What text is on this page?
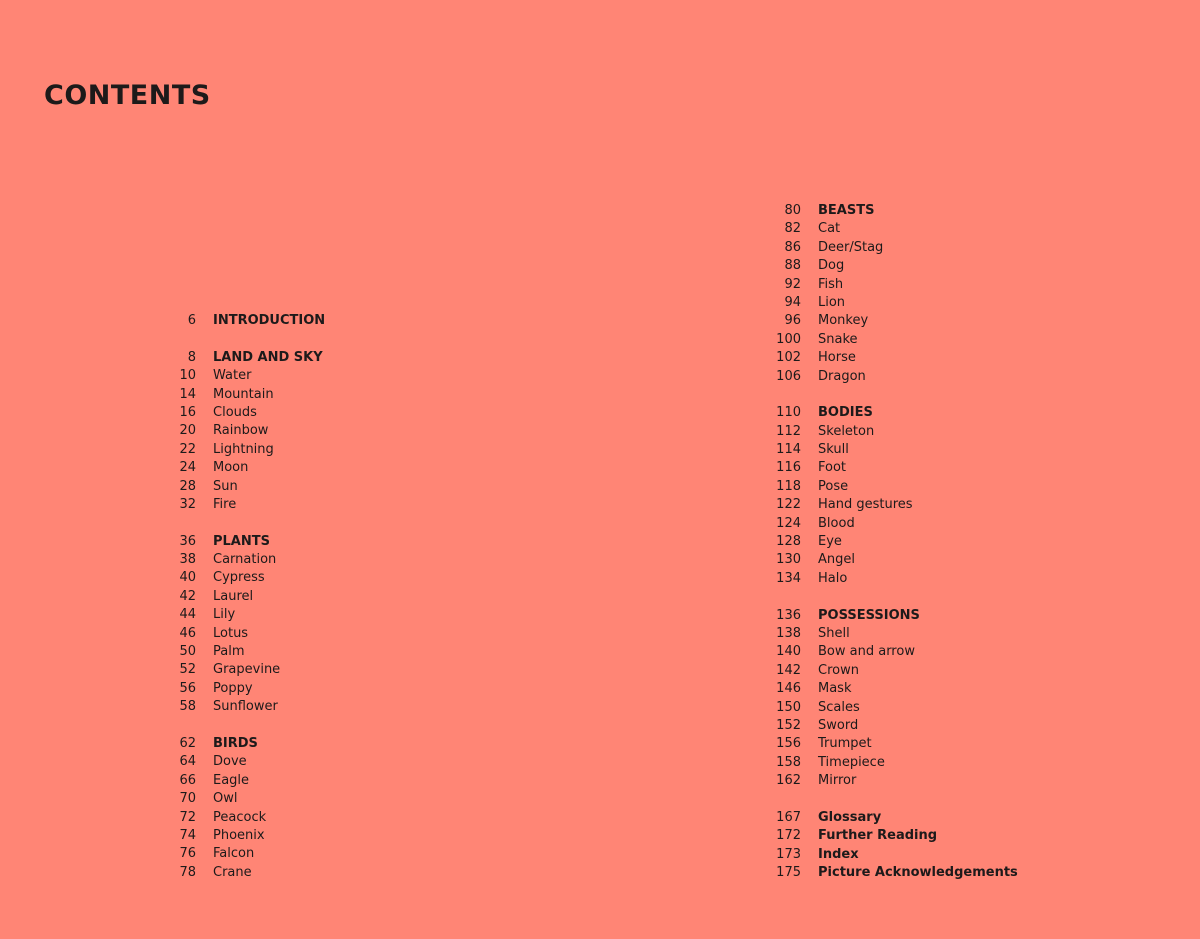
CONTENTS
6 INTRODUCTION
8 LAND AND SKY
10 Water
14 Mountain
16 Clouds
20 Rainbow
22 Lightning
24 Moon
28 Sun
32 Fire
36 PLANTS
38 Carnation
40 Cypress
42 Laurel
44 Lily
46 Lotus
50 Palm
52 Grapevine
56 Poppy
58 Sunflower
62 BIRDS
64 Dove
66 Eagle
70 Owl
72 Peacock
74 Phoenix
76 Falcon
78 Crane
80 BEASTS
82 Cat
86 Deer/Stag
88 Dog
92 Fish
94 Lion
96 Monkey
100 Snake
102 Horse
106 Dragon
110 BODIES
112 Skeleton
114 Skull
116 Foot
118 Pose
122 Hand gestures
124 Blood
128 Eye
130 Angel
134 Halo
136 POSSESSIONS
138 Shell
140 Bow and arrow
142 Crown
146 Mask
150 Scales
152 Sword
156 Trumpet
158 Timepiece
162 Mirror
167 Glossary
172 Further Reading
173 Index
175 Picture Acknowledgements
